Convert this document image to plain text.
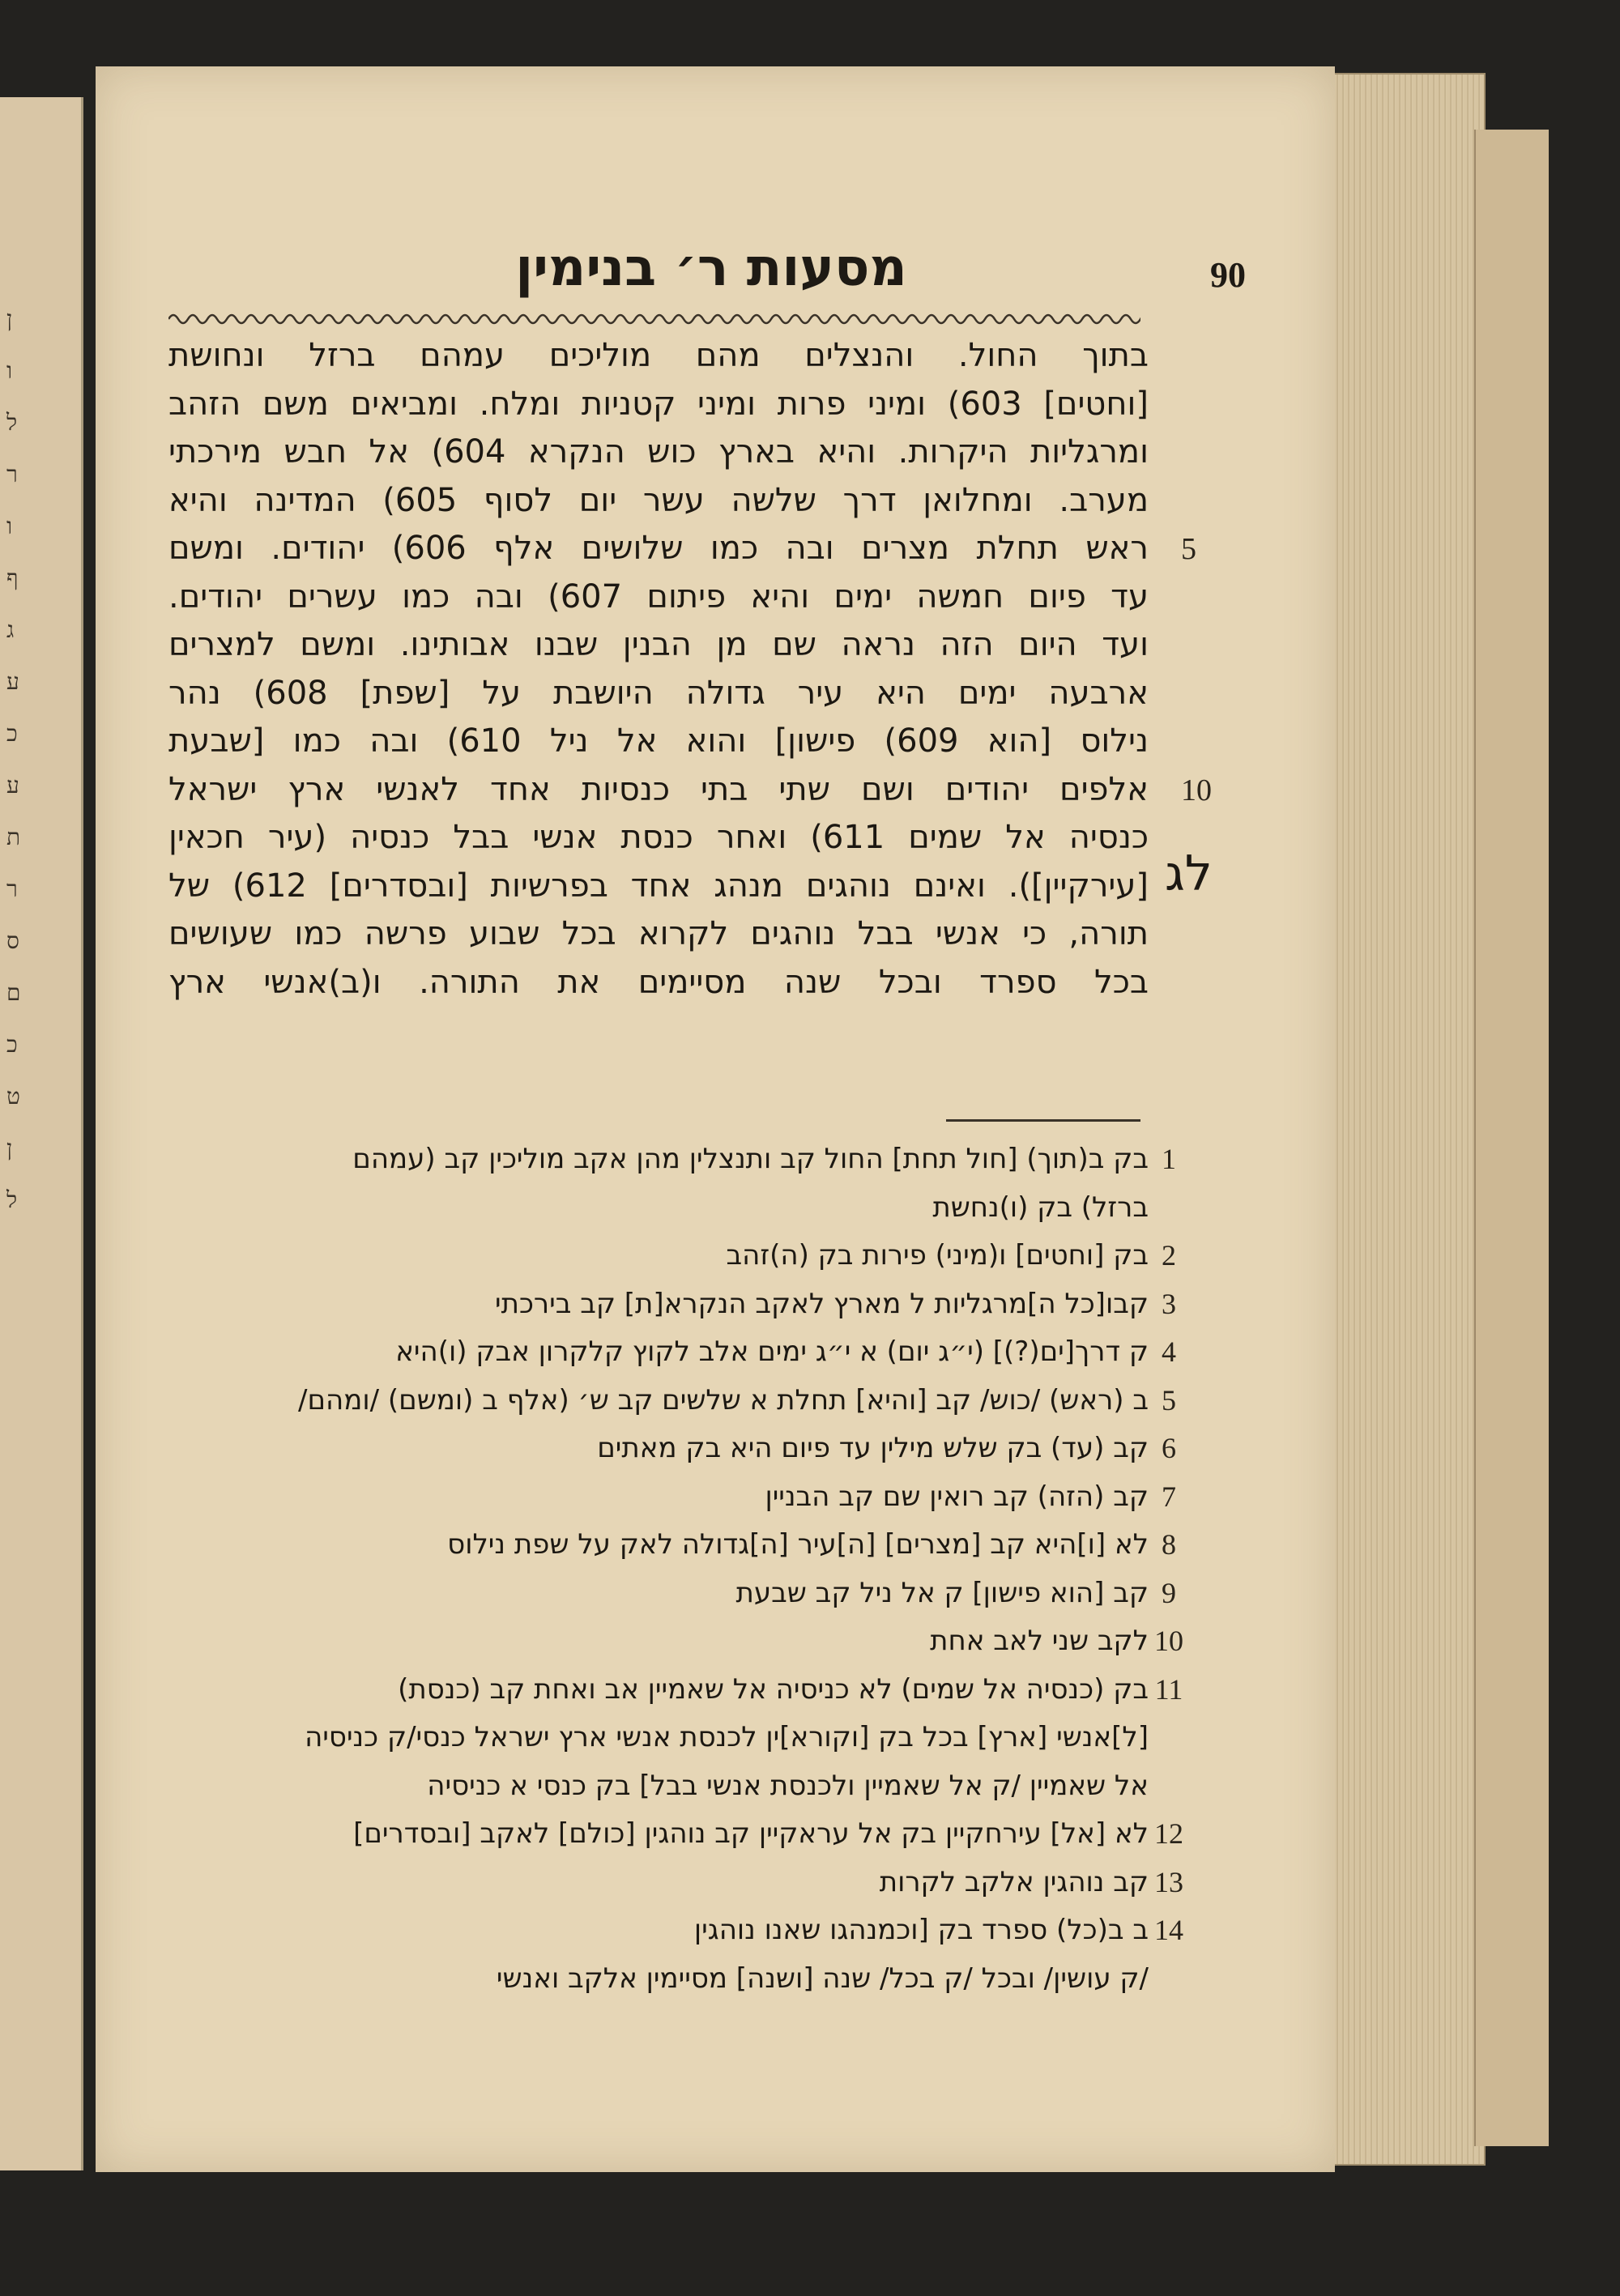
ן
ו
ל
ר
ו
ף
ג
ע
כ
ע
ת
ר
ס
ם
כ
ט
ן
ל
מסעות ר׳ בנימין	90
בתוך החול. והנצלים מהם מוליכים עמהם ברזל ונחושת
[וחטים] 603) ומיני פרות ומיני קטניות ומלח. ומביאים משם הזהב
ומרגליות היקרות. והיא בארץ כוש הנקרא 604) אל חבש מירכתי
מערב. ומחלואן דרך שלשה עשר יום לסוף 605) המדינה והיא
ראש תחלת מצרים ובה כמו שלושים אלף 606) יהודים. ומשם 5
עד פיום חמשה ימים והיא פיתום 607) ובה כמו עשרים יהודים.
ועד היום הזה נראה שם מן הבנין שבנו אבותינו. ומשם למצרים
ארבעה ימים היא עיר גדולה היושבת על [שפת] 608) נהר
נילוס [הוא 609) פישון] והוא אל ניל 610) ובה כמו [שבעת
אלפים יהודים ושם שתי בתי כנסיות אחד לאנשי ארץ ישראל 10
כנסיה אל שמים 611) ואחר כנסת אנשי בבל כנסיה (עיר חכאין
[עירקיין]). ואינם נוהגים מנהג אחד בפרשיות [ובסדרים] 612) של
תורה, כי אנשי בבל נוהגים לקרוא בכל שבוע פרשה כמו שעושים
בכל ספרד ובכל שנה מסיימים את התורה. ו(ב)אנשי ארץ
לג
1
בק ב(תוך) [חול תחת] החול קב ותנצלין מהן אקב מוליכין קב (עמהם
ברזל) בק (ו)נחשת
2
בק [וחטים] ו(מיני) פירות בק (ה)זהב
3
קבו[כל ה]מרגליות ל מארץ לאקב הנקרא[ת] קב בירכתי
4
ק דרך[ים(?)] (י״ג יום) א י״ג ימים אלב לקוץ קלקרון אבק (ו)היא
5
ב (ראש) /כוש/ קב [והיא] תחלת א שלשים קב ש׳ (אלף ב (ומשם) /ומהם/
6
קב (עד) בק שלש מילין עד פיום היא בק מאתים
7
קב (הזה) קב רואין שם קב הבניין
8
לא [ו]היא קב [מצרים] [ה]עיר [ה]גדולה לאק על שפת נילוס
9
קב [הוא פישון] ק אל ניל קב שבעת
10
לקב שני לאב אחת
11
בק (כנסיה אל שמים) לא כניסיה אל שאמיין אב ואחת קב (כנסת)
[ל]אנשי [ארץ] בכל בק [וקורא]ין לכנסת אנשי ארץ ישראל כנסי/ק כניסיה
אל שאמיין /ק אל שאמיין ולכנסת אנשי בבל] בק כנסי א כניסיה
12
לא [אל] עירחקיין בק אל עראקיין קב נוהגין [כולם] לאקב [ובסדרים]
13
קב נוהגין אלקב לקרות
14
ב ב(כל) ספרד בק [וכמנהגו שאנו נוהגין
/ק עושין/ ובכל /ק בכל/ שנה [ושנה] מסיימין אלקב ואנשי
